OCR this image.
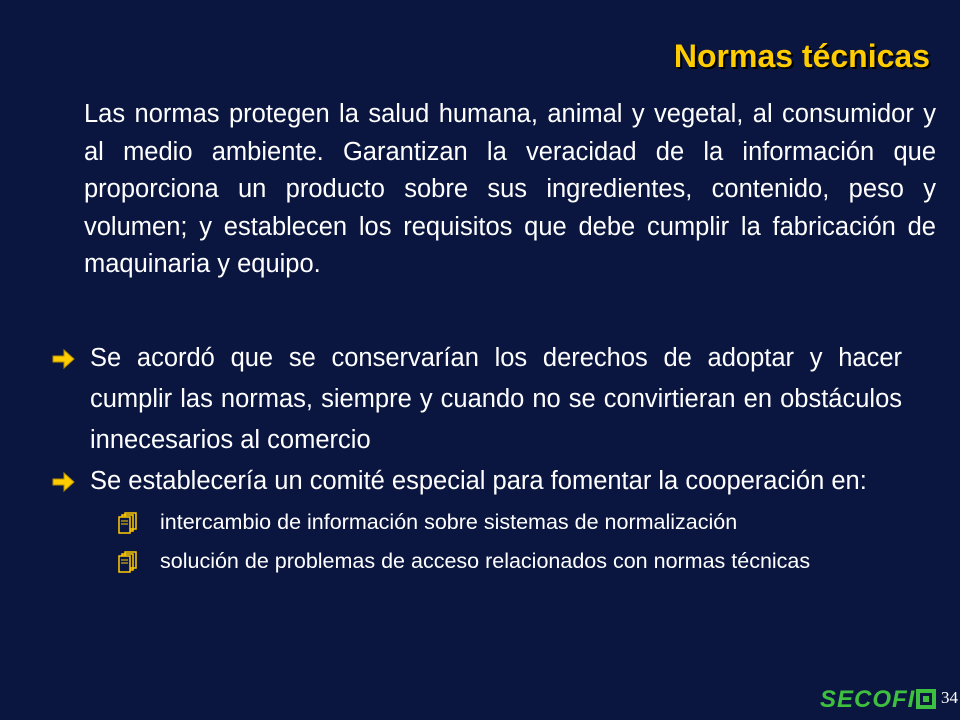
Normas técnicas

Las normas protegen la salud humana, animal y vegetal, al consumidor y al medio ambiente. Garantizan la veracidad de la información que proporciona un producto sobre sus ingredientes, contenido, peso y volumen; y establecen los requisitos que debe cumplir la fabricación de maquinaria y equipo.

Se acordó que se conservarían los derechos de adoptar y hacer cumplir las normas, siempre y cuando no se convirtieran en obstáculos innecesarios al comercio
Se establecería un comité especial para fomentar la cooperación en:
intercambio de información sobre sistemas de normalización
solución de problemas de acceso relacionados con normas técnicas
SECOFI 34
